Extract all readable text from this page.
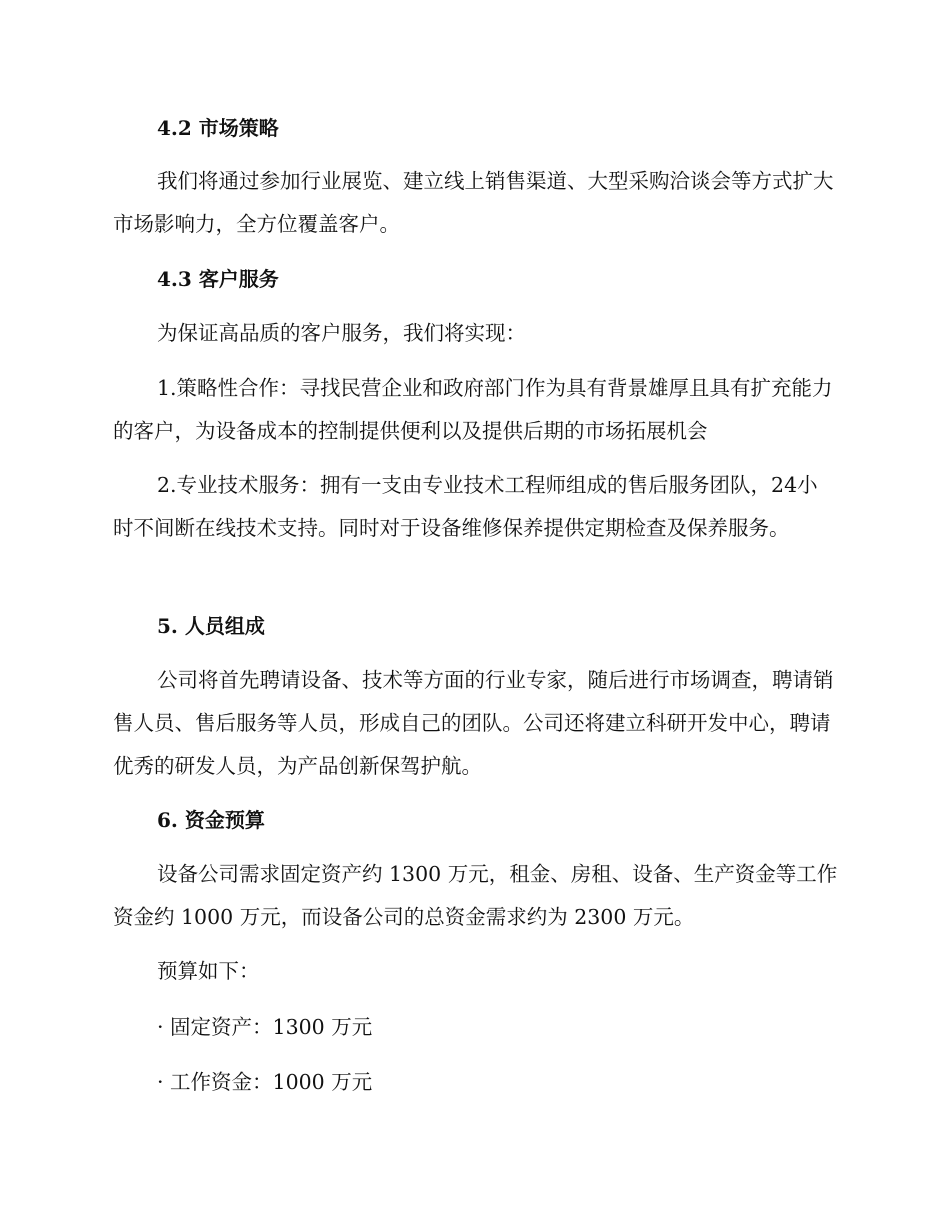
4.2 市场策略

我们将通过参加行业展览、建立线上销售渠道、大型采购洽谈会等方式扩大市场影响力，全方位覆盖客户。

4.3 客户服务

为保证高品质的客户服务，我们将实现：

1.策略性合作：寻找民营企业和政府部门作为具有背景雄厚且具有扩充能力的客户，为设备成本的控制提供便利以及提供后期的市场拓展机会

2.专业技术服务：拥有一支由专业技术工程师组成的售后服务团队，24小时不间断在线技术支持。同时对于设备维修保养提供定期检查及保养服务。

5. 人员组成

公司将首先聘请设备、技术等方面的行业专家，随后进行市场调查，聘请销售人员、售后服务等人员，形成自己的团队。公司还将建立科研开发中心，聘请优秀的研发人员，为产品创新保驾护航。

6. 资金预算

设备公司需求固定资产约 1300 万元，租金、房租、设备、生产资金等工作资金约 1000 万元，而设备公司的总资金需求约为 2300 万元。

预算如下：

· 固定资产：1300 万元
· 工作资金：1000 万元
